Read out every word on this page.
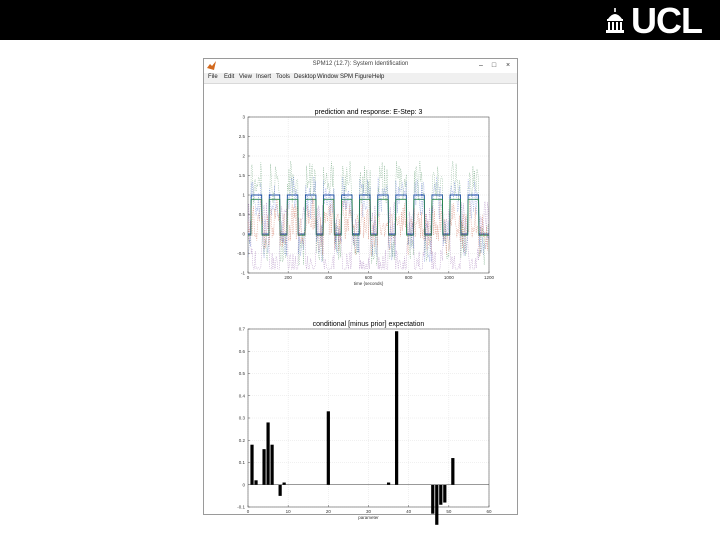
UCL
SPM12 (12.7): System Identification	–	□	×
File Edit View Insert Tools Desktop Window SPM Figure Help
0	200	400	600	800	1000	1200
-1
-0.5
0
0.5
1
1.5
2
2.5
3
prediction and response: E-Step: 3
time {seconds}
0	10	20	30	40	50	60
-0.1
0
0.1
0.2
0.3
0.4
0.5
0.6
0.7
conditional [minus prior] expectation
parameter
